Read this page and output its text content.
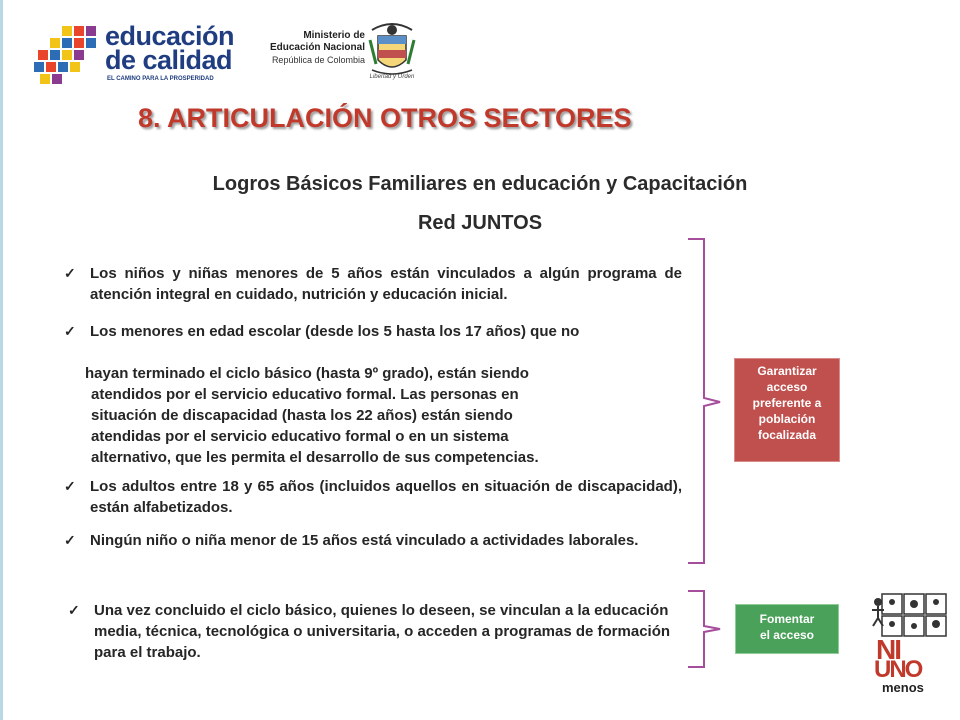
educación
de calidad
EL CAMINO PARA LA PROSPERIDAD
Ministerio de
Educación Nacional
República de Colombia
Libertad y Orden
8. ARTICULACIÓN OTROS SECTORES
Logros Básicos Familiares en educación y Capacitación
Red JUNTOS
✓ Los niños y niñas menores de 5 años están vinculados a algún programa de atención integral en cuidado, nutrición y educación inicial.
✓ Los menores en edad escolar (desde los 5 hasta los 17 años) que no
hayan terminado el ciclo básico (hasta 9º grado), están siendo
atendidos por el servicio educativo formal. Las personas en
situación de discapacidad (hasta los 22 años) están siendo
atendidas por el servicio educativo formal o en un sistema
alternativo, que les permita el desarrollo de sus competencias.
✓ Los adultos entre 18 y 65 años (incluidos aquellos en situación de discapacidad), están alfabetizados.
✓ Ningún niño o niña menor de 15 años está vinculado a actividades laborales.
✓ Una vez concluido el ciclo básico, quienes lo deseen, se vinculan a la educación media, técnica, tecnológica o universitaria, o acceden a programas de formación para el trabajo.
Garantizar
acceso
preferente a
población
focalizada
Fomentar
el acceso	NI
UNO
menos
